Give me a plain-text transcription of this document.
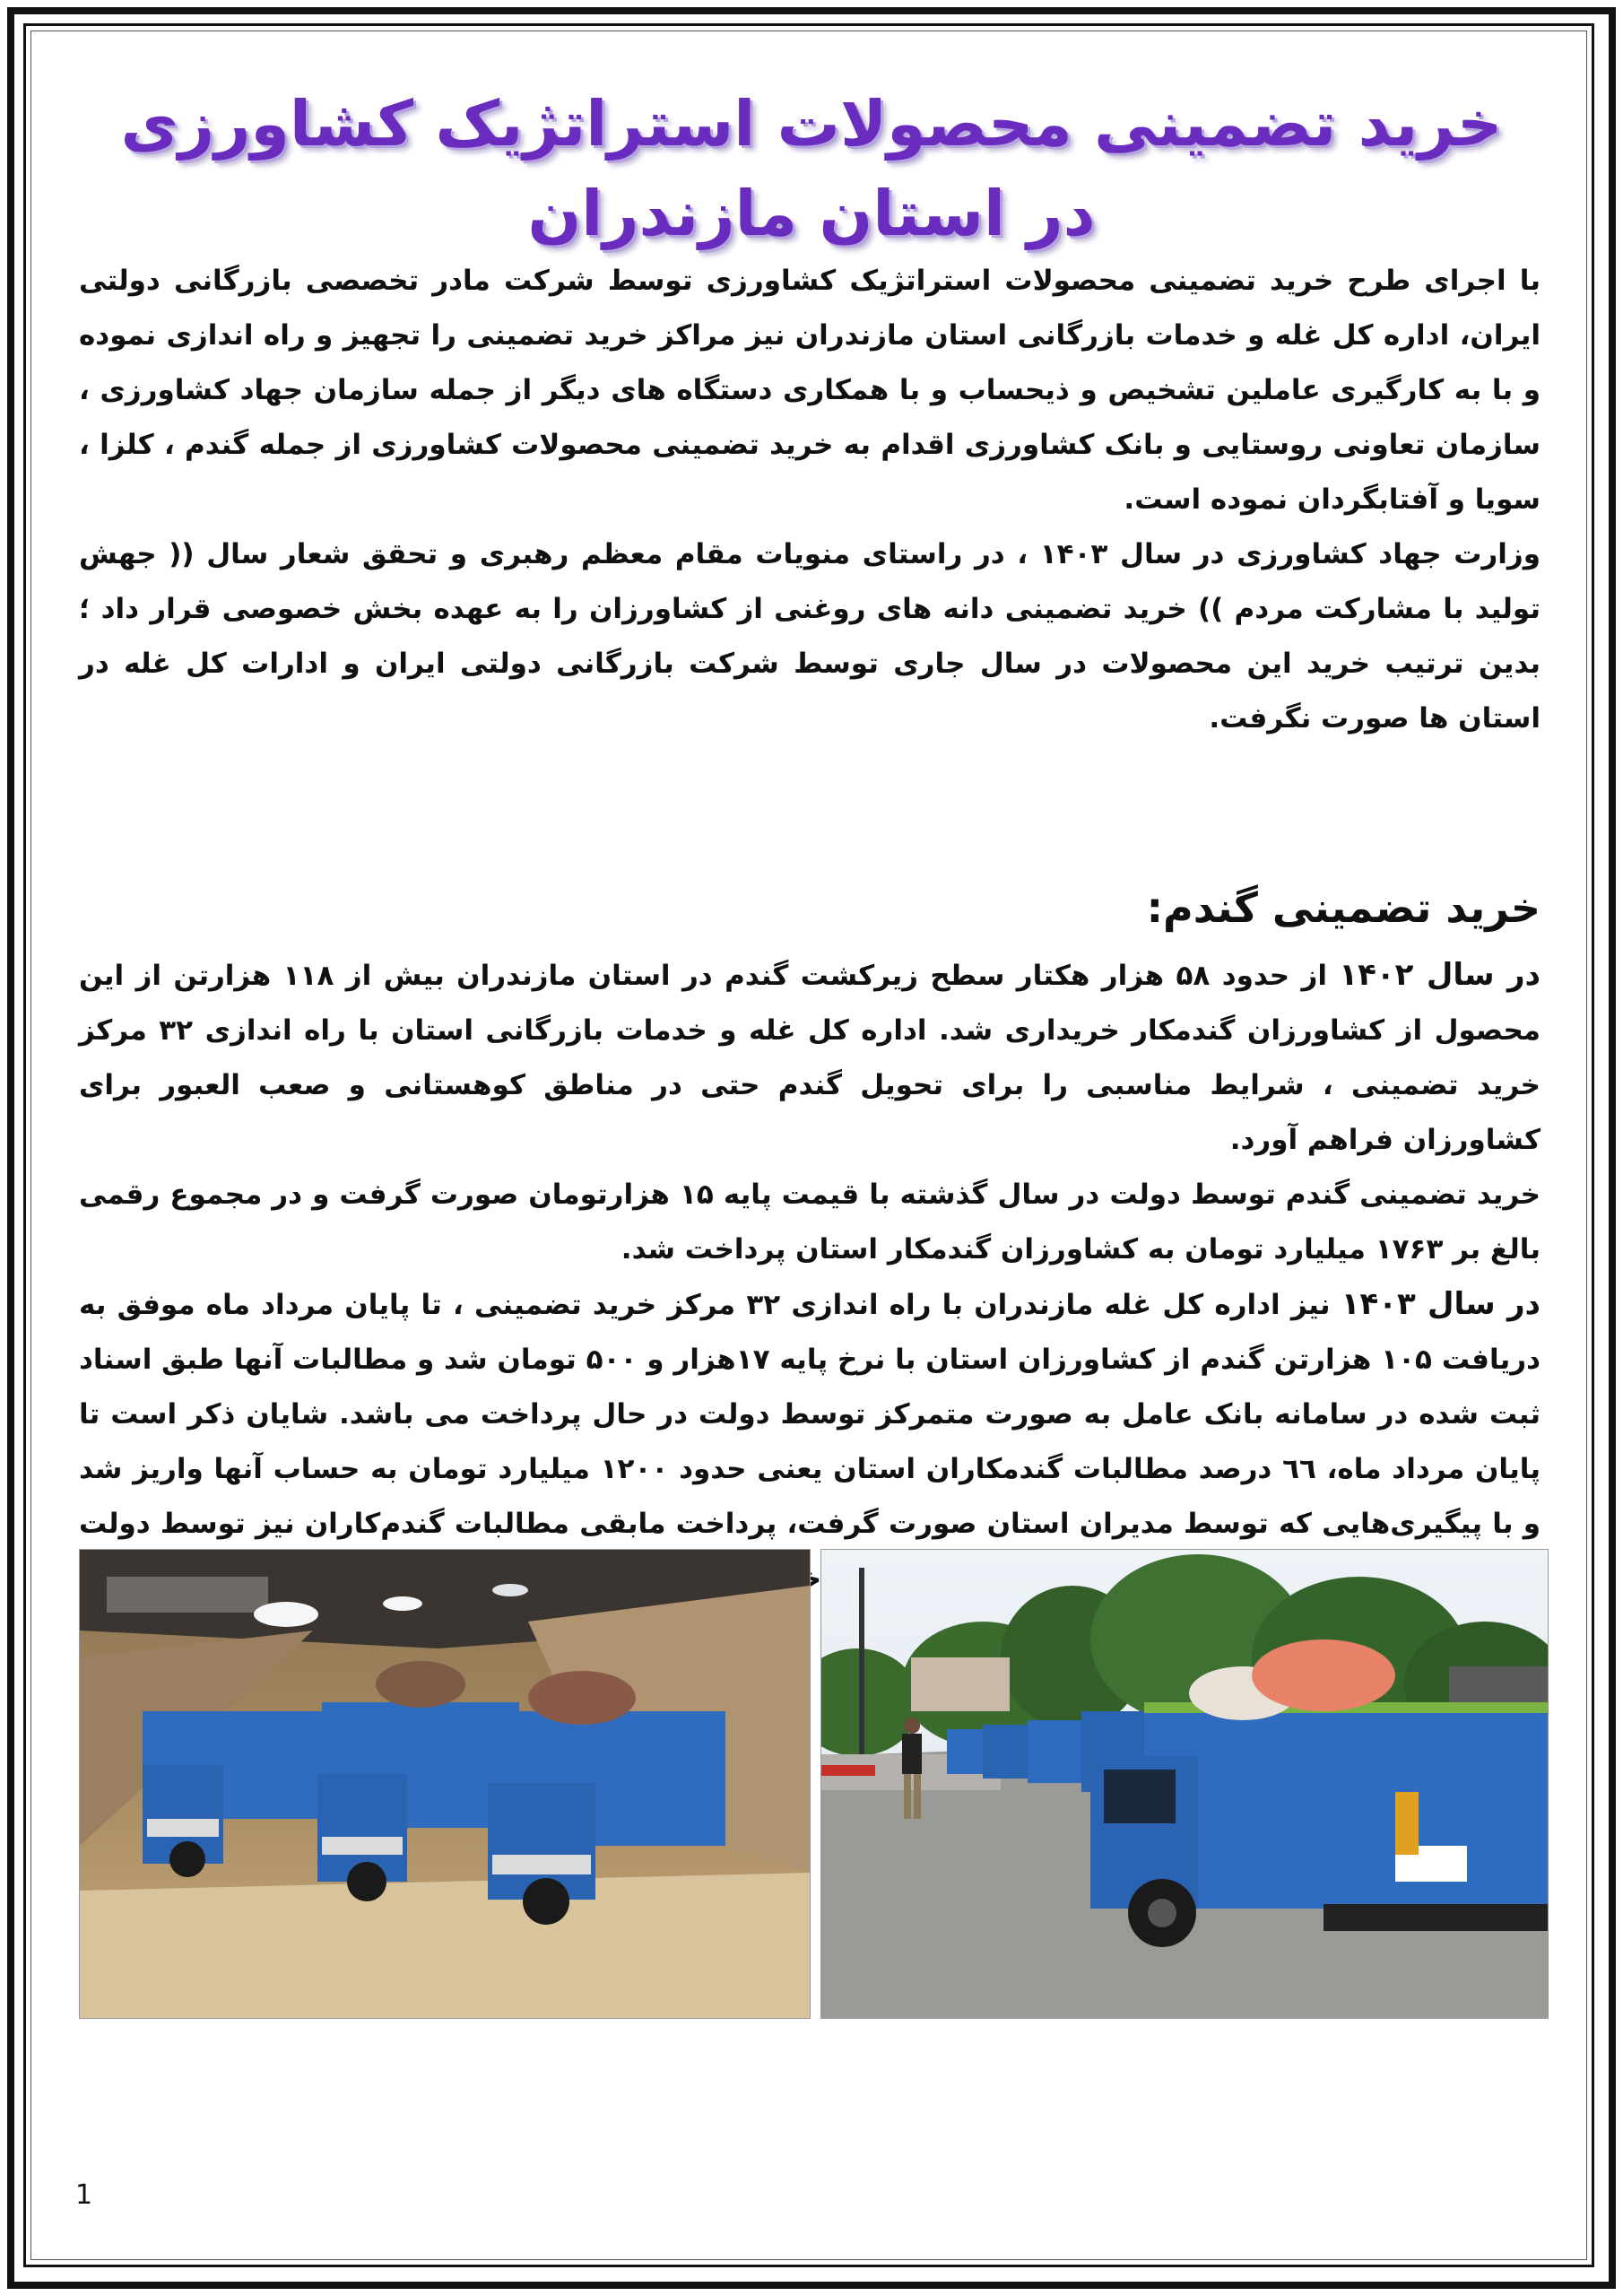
خرید تضمینی محصولات استراتژیک کشاورزی در استان مازندران

با اجرای طرح خرید تضمینی محصولات استراتژیک کشاورزی توسط شرکت مادر تخصصی بازرگانی دولتی ایران، اداره کل غله و خدمات بازرگانی استان مازندران نیز مراکز خرید تضمینی را تجهیز و راه اندازی نموده و با به کارگیری عاملین تشخیص و ذیحساب و با همکاری دستگاه های دیگر از جمله سازمان جهاد کشاورزی ، سازمان تعاونی روستایی و بانک کشاورزی اقدام به خرید تضمینی محصولات کشاورزی از جمله گندم ، کلزا ، سویا و آفتابگردان نموده است.

وزارت جهاد کشاورزی در سال ۱۴۰۳ ، در راستای منویات مقام معظم رهبری و تحقق شعار سال (( جهش تولید با مشارکت مردم )) خرید تضمینی دانه های روغنی از کشاورزان را به عهده بخش خصوصی قرار داد ؛ بدین ترتیب خرید این محصولات در سال جاری توسط شرکت بازرگانی دولتی ایران و ادارات کل غله در استان ها صورت نگرفت.

خرید تضمینی گندم:

در سال ۱۴۰۲ از حدود ۵۸ هزار هکتار سطح زیرکشت گندم در استان مازندران بیش از ۱۱۸ هزارتن از این محصول از کشاورزان گندمکار خریداری شد. اداره کل غله و خدمات بازرگانی استان با راه اندازی ۳۲ مرکز خرید تضمینی ، شرایط مناسبی را برای تحویل گندم حتی در مناطق کوهستانی و صعب العبور برای کشاورزان فراهم آورد.

خرید تضمینی گندم توسط دولت در سال گذشته با قیمت پایه ۱۵ هزارتومان صورت گرفت و در مجموع رقمی بالغ بر ۱۷۶۳ میلیارد تومان به کشاورزان گندمکار استان پرداخت شد.

در سال ۱۴۰۳ نیز اداره کل غله مازندران با راه اندازی ۳۲ مرکز خرید تضمینی ، تا پایان مرداد ماه موفق به دریافت ۱۰۵ هزارتن گندم از کشاورزان استان با نرخ پایه ۱۷هزار و ۵۰۰ تومان شد و مطالبات آنها طبق اسناد ثبت شده در سامانه بانک عامل به صورت متمرکز توسط دولت در حال پرداخت می باشد. شایان ذکر است تا پایان مرداد ماه، ٦٦ درصد مطالبات گندمکاران استان یعنی حدود ۱۲۰۰ میلیارد تومان به حساب آنها واریز شد و با پیگیری‌هایی که توسط مدیران استان صورت گرفت، پرداخت مابقی مطالبات گندم‌کاران نیز توسط دولت

1
